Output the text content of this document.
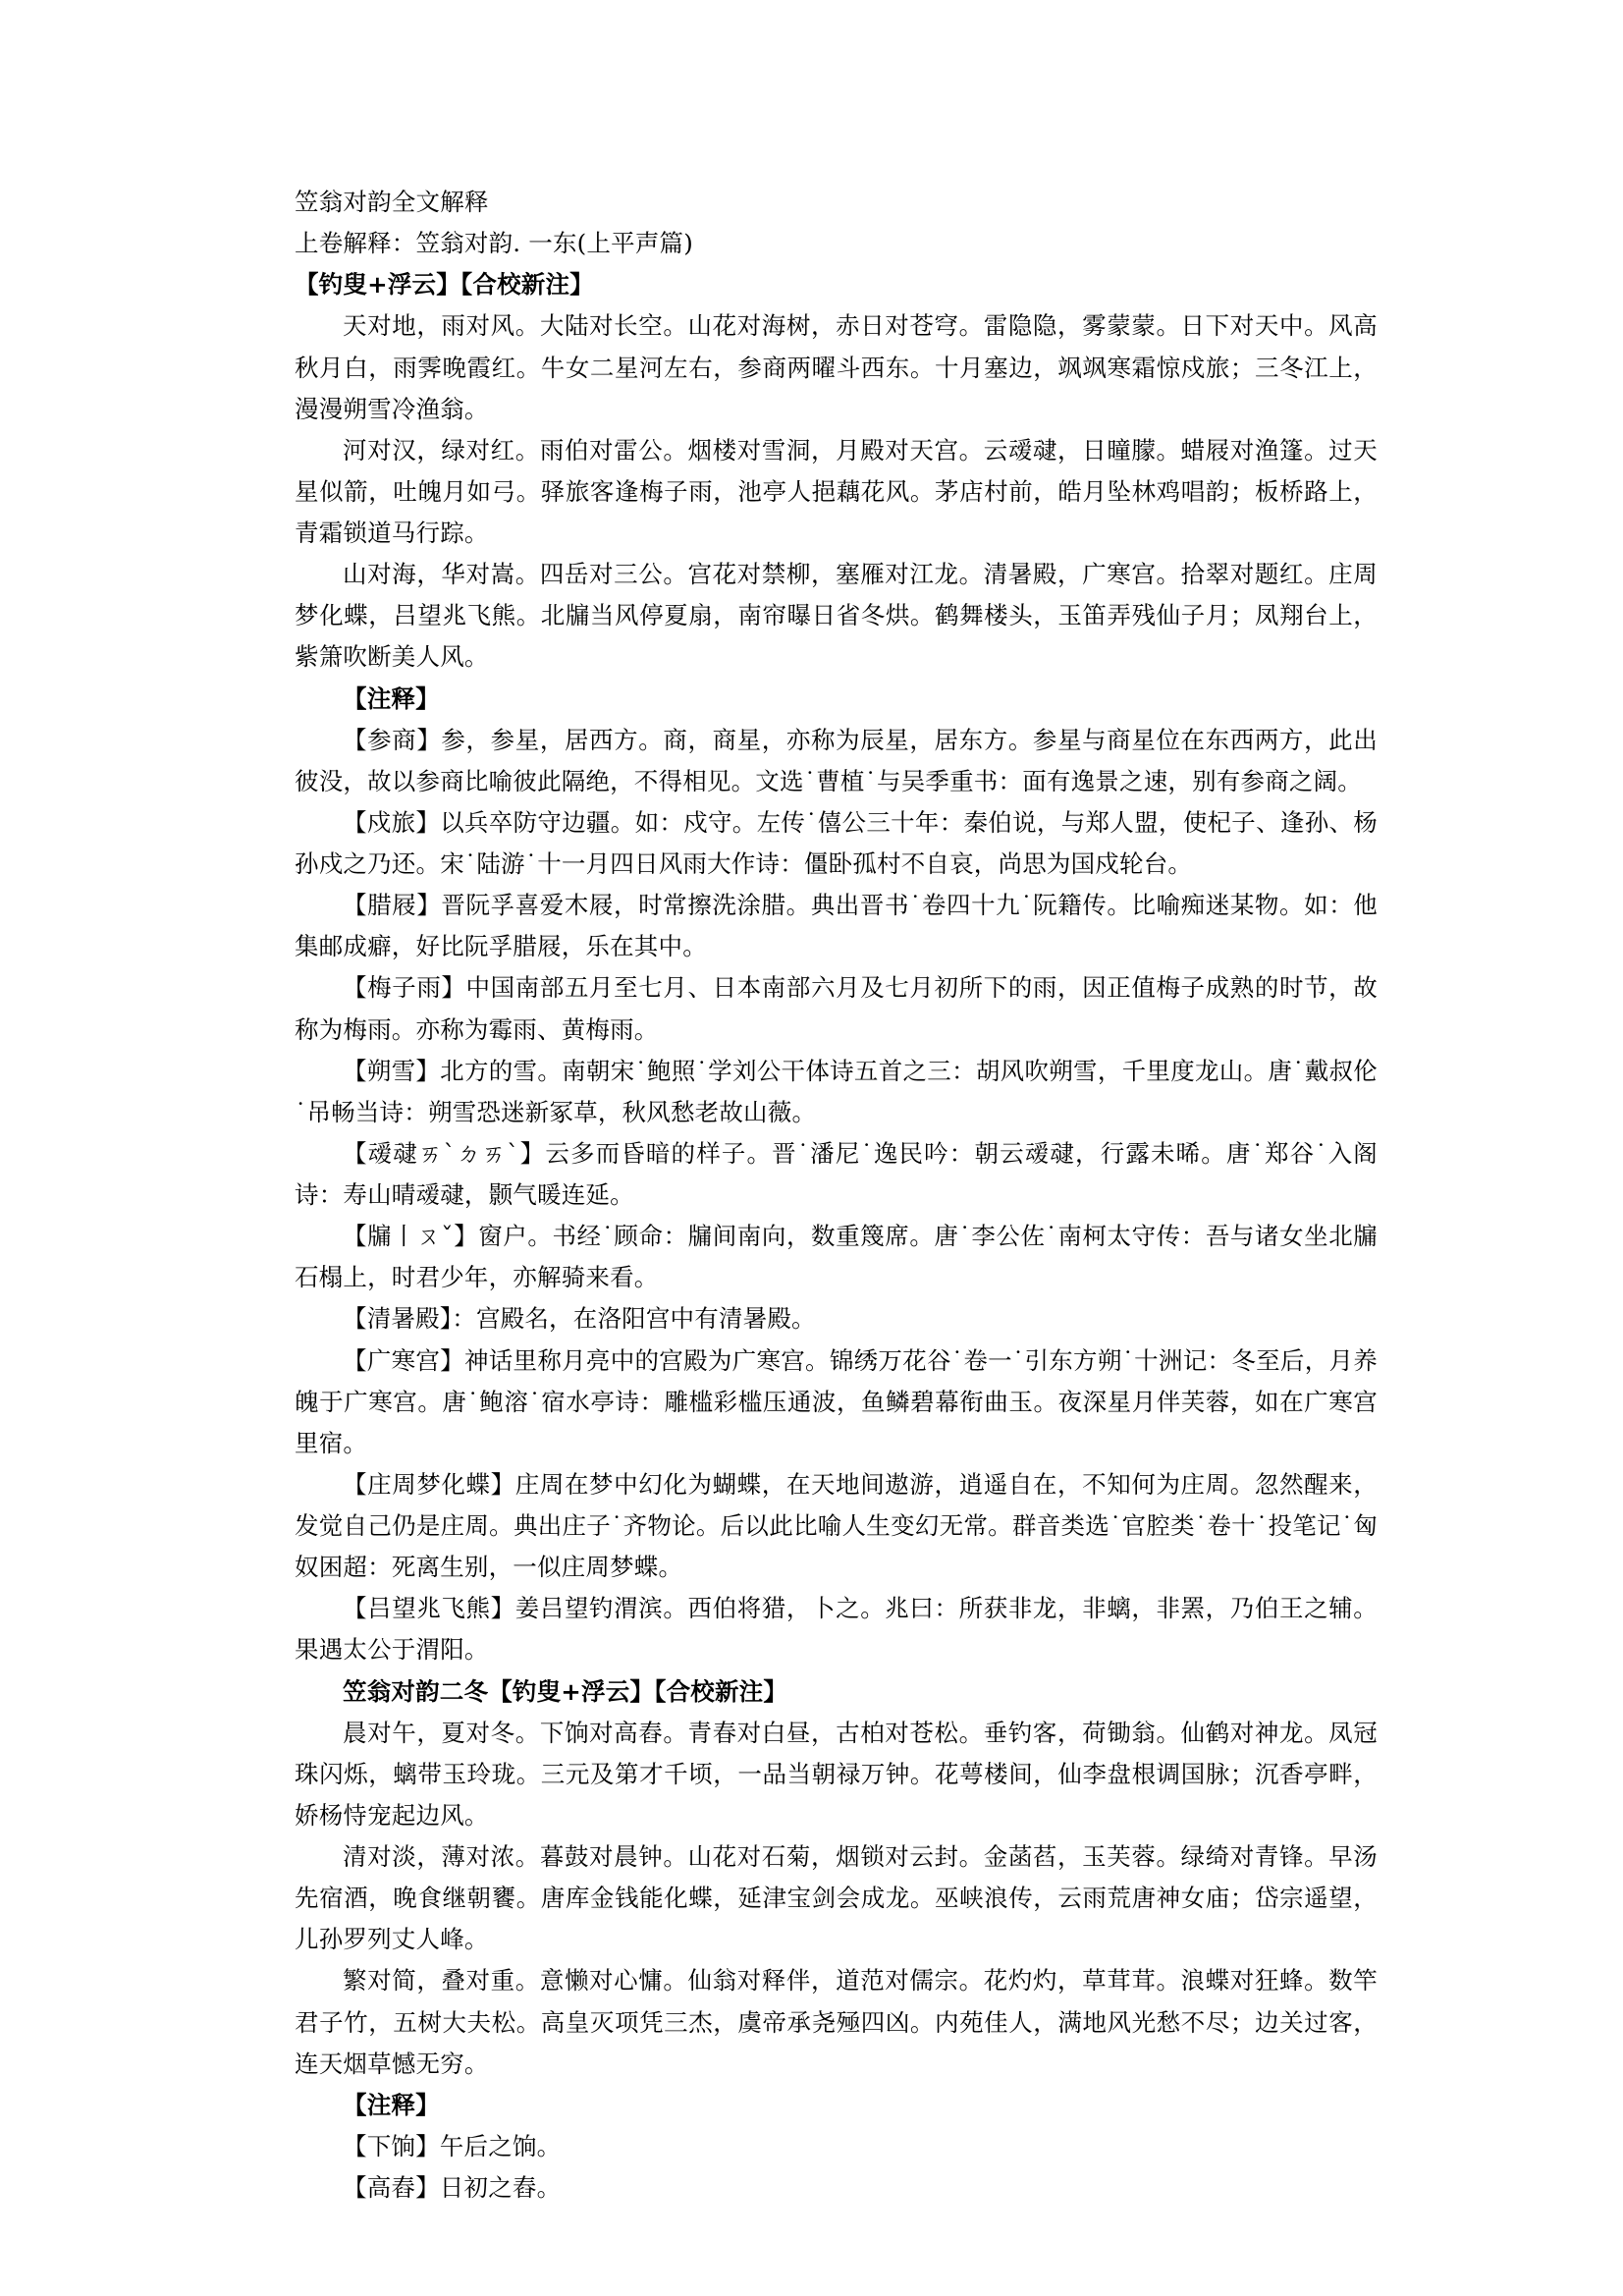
笠翁对韵全文解释

上卷解释：笠翁对韵. 一东(上平声篇)

【钓叟+浮云】【合校新注】

天对地，雨对风。大陆对长空。山花对海树，赤日对苍穹。雷隐隐，雾蒙蒙。日下对天中。风高秋月白，雨霁晚霞红。牛女二星河左右，参商两曜斗西东。十月塞边，飒飒寒霜惊戍旅；三冬江上，漫漫朔雪冷渔翁。

河对汉，绿对红。雨伯对雷公。烟楼对雪洞，月殿对天宫。云叆叇，日曈朦。蜡屐对渔篷。过天星似箭，吐魄月如弓。驿旅客逢梅子雨，池亭人挹藕花风。茅店村前，皓月坠林鸡唱韵；板桥路上，青霜锁道马行踪。

山对海，华对嵩。四岳对三公。宫花对禁柳，塞雁对江龙。清暑殿，广寒宫。拾翠对题红。庄周梦化蝶，吕望兆飞熊。北牖当风停夏扇，南帘曝日省冬烘。鹤舞楼头，玉笛弄残仙子月；凤翔台上，紫箫吹断美人风。

【注释】

【参商】参，参星，居西方。商，商星，亦称为辰星，居东方。参星与商星位在东西两方，此出彼没，故以参商比喻彼此隔绝，不得相见。文选˙曹植˙与吴季重书：面有逸景之速，别有参商之阔。

【戍旅】以兵卒防守边疆。如：戍守。左传˙僖公三十年：秦伯说，与郑人盟，使杞子、逢孙、杨孙戍之乃还。宋˙陆游˙十一月四日风雨大作诗：僵卧孤村不自哀，尚思为国戍轮台。

【腊屐】晋阮孚喜爱木屐，时常擦洗涂腊。典出晋书˙卷四十九˙阮籍传。比喻痴迷某物。如：他集邮成癖，好比阮孚腊屐，乐在其中。

【梅子雨】中国南部五月至七月、日本南部六月及七月初所下的雨，因正值梅子成熟的时节，故称为梅雨。亦称为霉雨、黄梅雨。

【朔雪】北方的雪。南朝宋˙鲍照˙学刘公干体诗五首之三：胡风吹朔雪，千里度龙山。唐˙戴叔伦˙吊畅当诗：朔雪恐迷新冢草，秋风愁老故山薇。

【叆叇ㄞˋㄉㄞˋ】云多而昏暗的样子。晋˙潘尼˙逸民吟：朝云叆叇，行露未晞。唐˙郑谷˙入阁诗：寿山晴叆叇，颢气暖连延。

【牖丨ㄡˇ】窗户。书经˙顾命：牖间南向，数重篾席。唐˙李公佐˙南柯太守传：吾与诸女坐北牖石榻上，时君少年，亦解骑来看。

【清暑殿】：宫殿名，在洛阳宫中有清暑殿。

【广寒宫】神话里称月亮中的宫殿为广寒宫。锦绣万花谷˙卷一˙引东方朔˙十洲记：冬至后，月养魄于广寒宫。唐˙鲍溶˙宿水亭诗：雕槛彩槛压通波，鱼鳞碧幕衔曲玉。夜深星月伴芙蓉，如在广寒宫里宿。

【庄周梦化蝶】庄周在梦中幻化为蝴蝶，在天地间遨游，逍遥自在，不知何为庄周。忽然醒来，发觉自己仍是庄周。典出庄子˙齐物论。后以此比喻人生变幻无常。群音类选˙官腔类˙卷十˙投笔记˙匈奴困超：死离生别，一似庄周梦蝶。

【吕望兆飞熊】姜吕望钓渭滨。西伯将猎，卜之。兆曰：所获非龙，非螭，非罴，乃伯王之辅。果遇太公于渭阳。

笠翁对韵二冬【钓叟+浮云】【合校新注】

晨对午，夏对冬。下饷对高舂。青春对白昼，古柏对苍松。垂钓客，荷锄翁。仙鹤对神龙。凤冠珠闪烁，螭带玉玲珑。三元及第才千顷，一品当朝禄万钟。花萼楼间，仙李盘根调国脉；沉香亭畔，娇杨恃宠起边风。

清对淡，薄对浓。暮鼓对晨钟。山花对石菊，烟锁对云封。金菡萏，玉芙蓉。绿绮对青锋。早汤先宿酒，晚食继朝饔。唐库金钱能化蝶，延津宝剑会成龙。巫峡浪传，云雨荒唐神女庙；岱宗遥望，儿孙罗列丈人峰。

繁对简，叠对重。意懒对心慵。仙翁对释伴，道范对儒宗。花灼灼，草茸茸。浪蝶对狂蜂。数竿君子竹，五树大夫松。高皇灭项凭三杰，虞帝承尧殛四凶。内苑佳人，满地风光愁不尽；边关过客，连天烟草憾无穷。

【注释】

【下饷】午后之饷。

【高舂】日初之舂。
